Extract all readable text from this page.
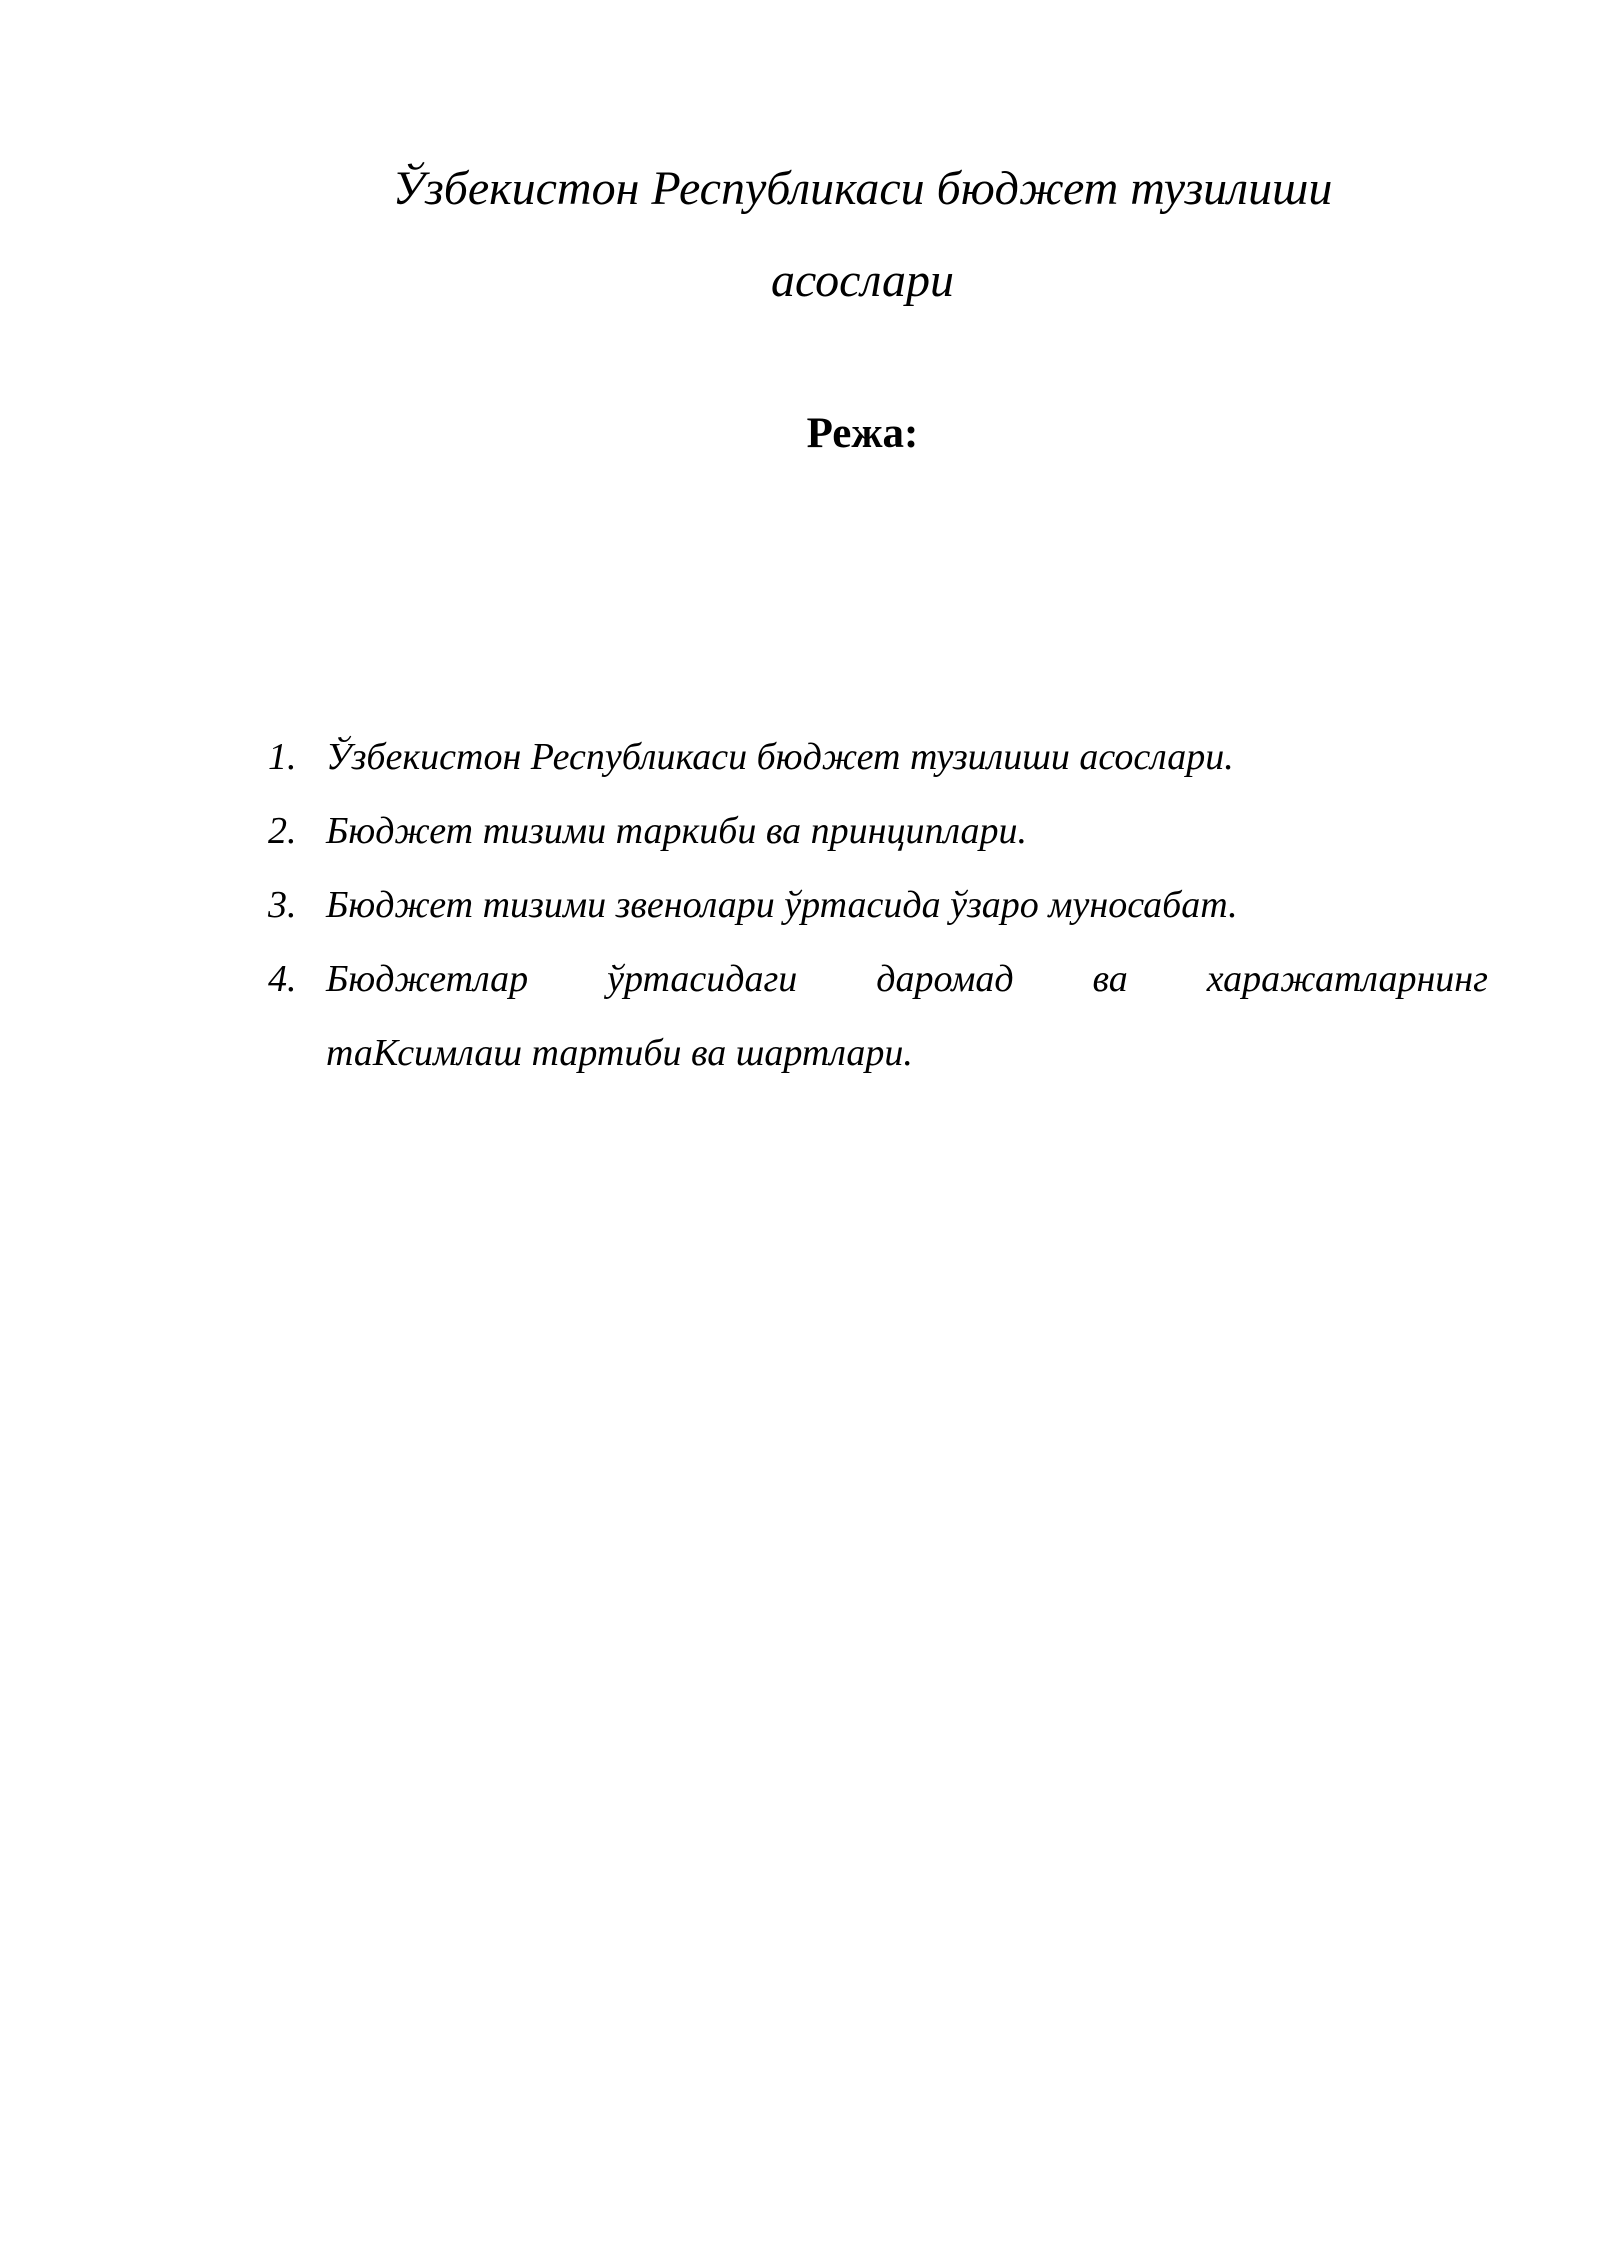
Ўзбекистон Республикаси бюджет тузилиши
асослари
Режа:
1. Ўзбекистон Республикаси бюджет тузилиши асослари.
2. Бюджет тизими таркиби ва принциплари.
3. Бюджет тизими звенолари ўртасида ўзаро муносабат.
4. Бюджетлар ўртасидаги даромад ва харажатларнинг
таКсимлаш тартиби ва шартлари.
